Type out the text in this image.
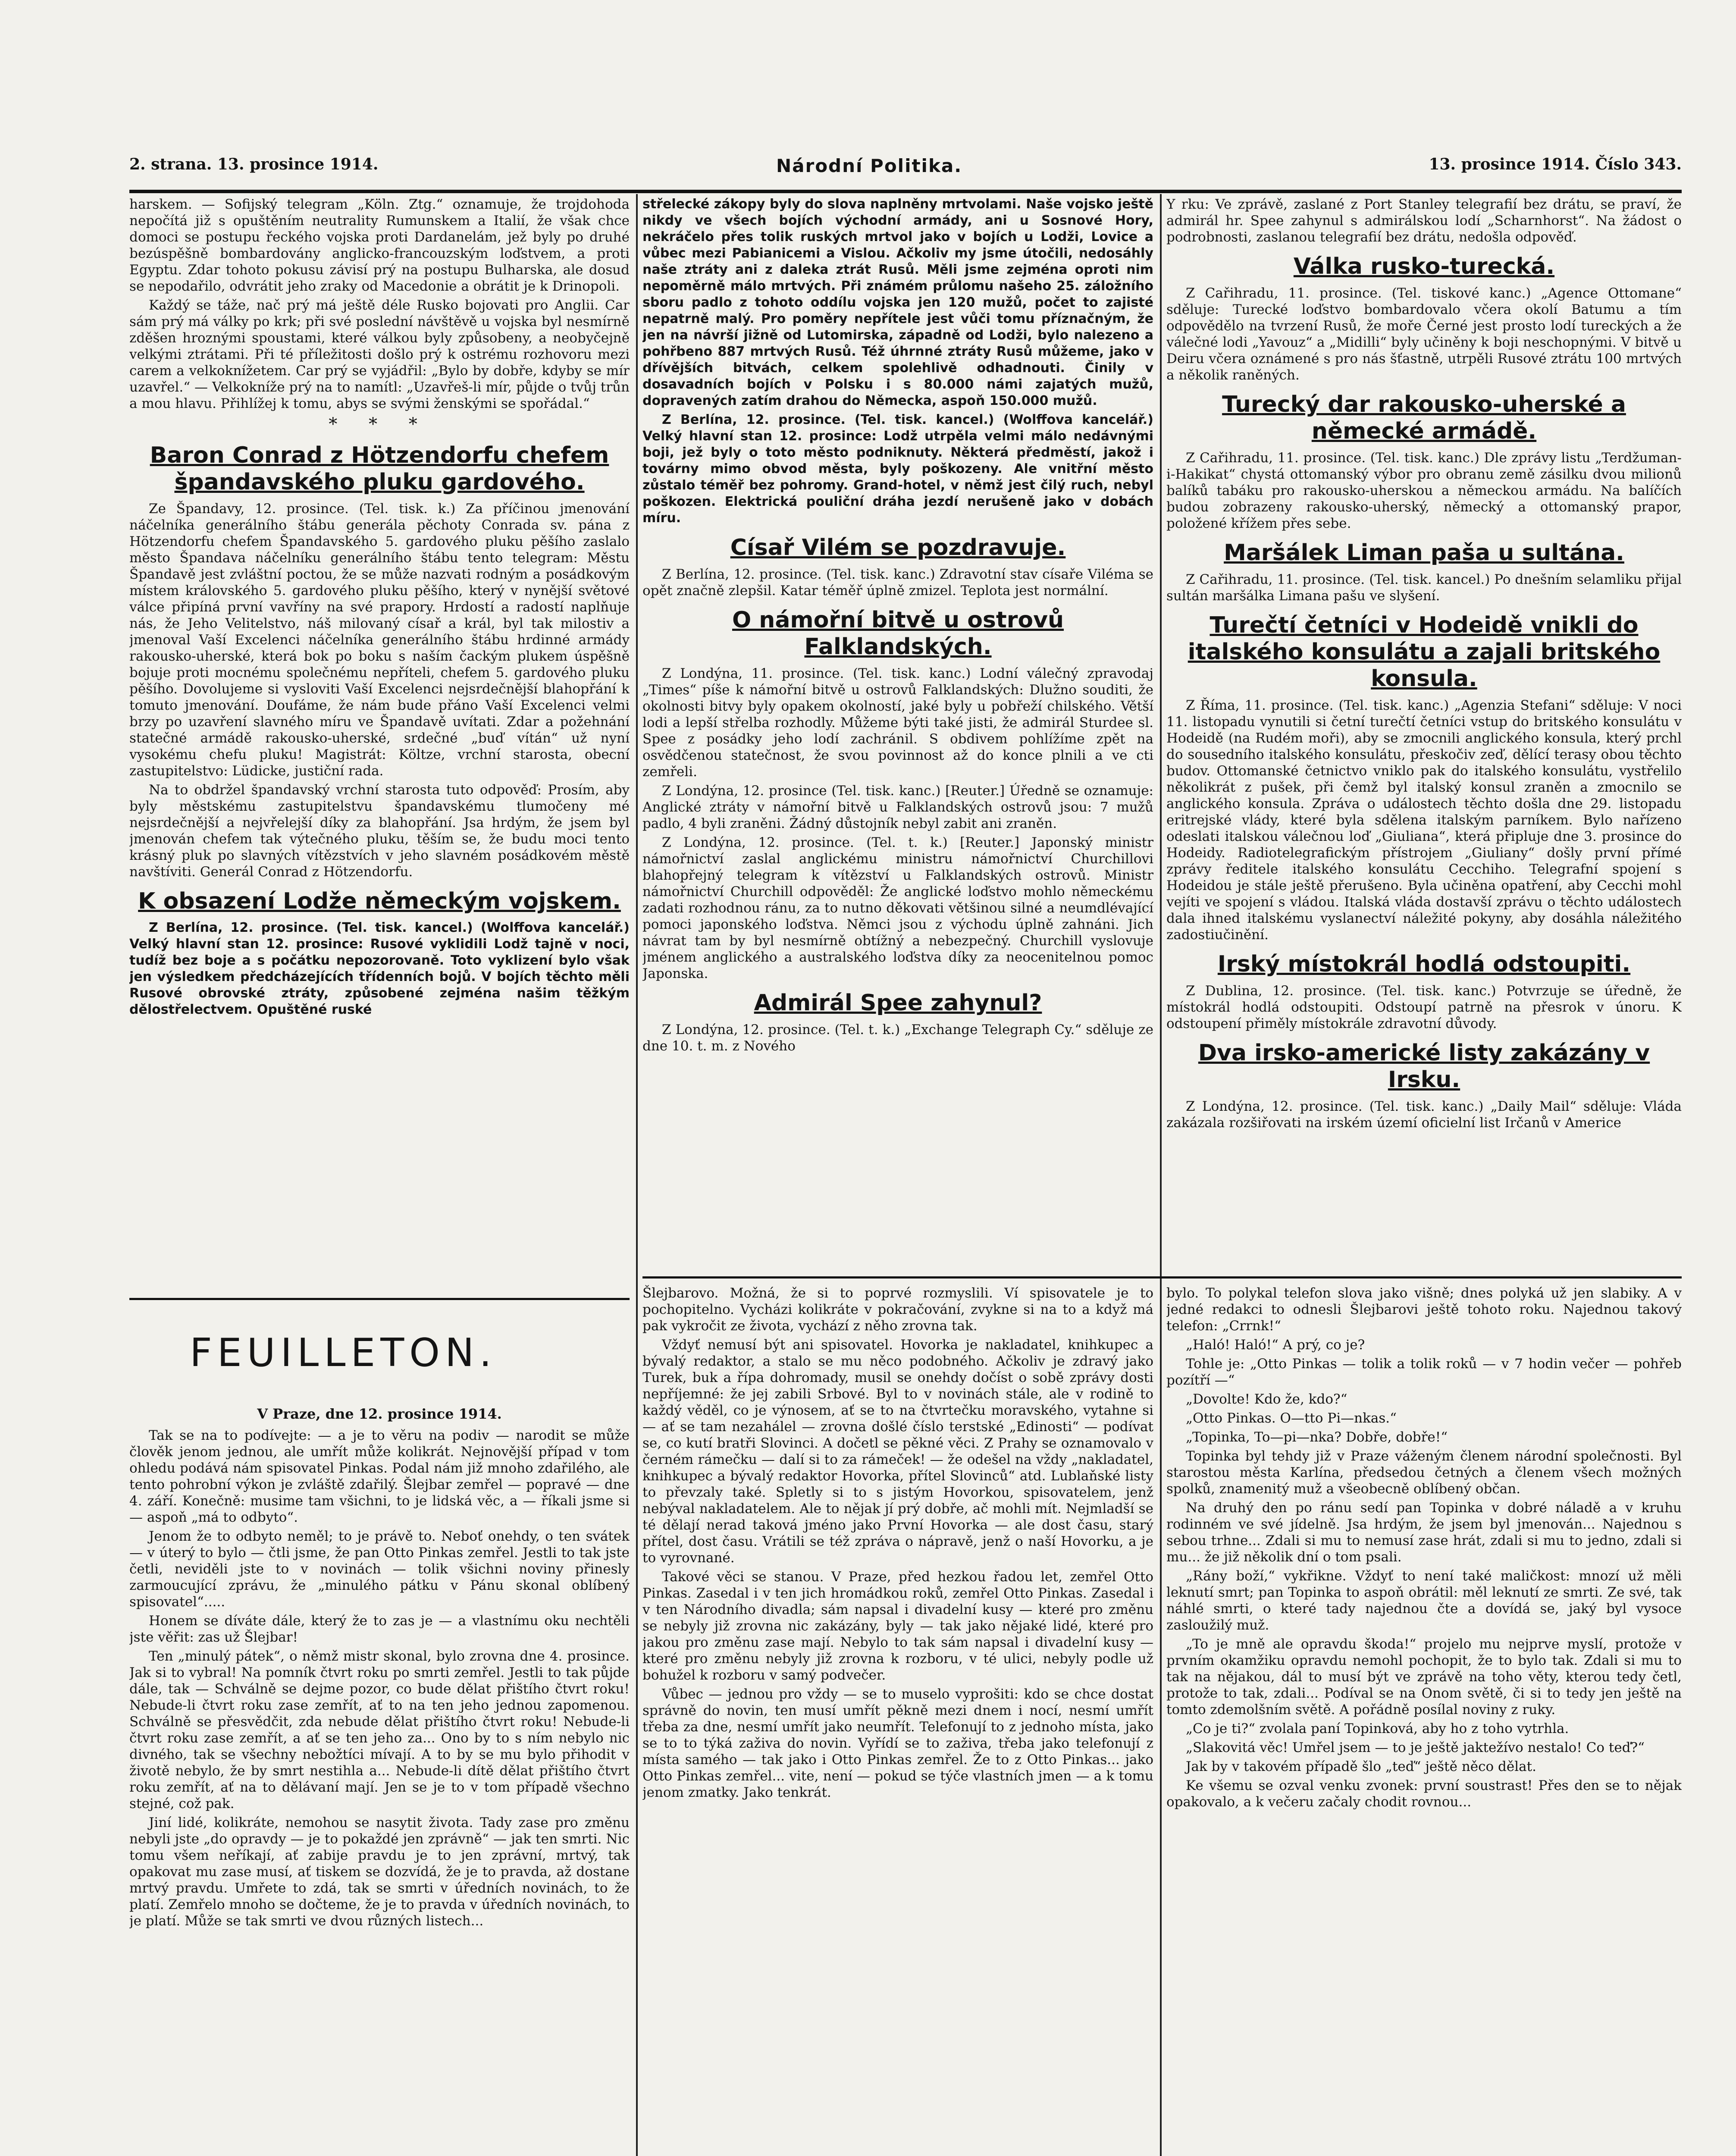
2. strana. 13. prosince 1914.	Národní Politika.	13. prosince 1914. Číslo 343.

harskem. — Sofijský telegram „Köln. Ztg.“ oznamuje, že trojdohoda nepočítá již s opuštěním neutrality Rumunskem a Italií, že však chce domoci se postupu řeckého vojska proti Dardanelám, jež byly po druhé bezúspěšně bombardovány anglicko-francouzským loďstvem, a proti Egyptu. Zdar tohoto pokusu závisí prý na postupu Bulharska, ale dosud se nepodařilo, odvrátit jeho zraky od Macedonie a obrátit je k Drinopoli.

Každý se táže, nač prý má ještě déle Rusko bojovati pro Anglii. Car sám prý má války po krk; při své poslední návštěvě u vojska byl nesmírně zděšen hroznými spoustami, které válkou byly způsobeny, a neobyčejně velkými ztrátami. Při té příležitosti došlo prý k ostrému rozhovoru mezi carem a velkoknížetem. Car prý se vyjádřil: „Bylo by dobře, kdyby se mír uzavřel.“ — Velkokníže prý na to namítl: „Uzavřeš-li mír, půjde o tvůj trůn a mou hlavu. Přihlížej k tomu, abys se svými ženskými se spořádal.“

* * *
Baron Conrad z Hötzendorfu chefem špandavského pluku gardového.

Ze Špandavy, 12. prosince. (Tel. tisk. k.) Za příčinou jmenování náčelníka generálního štábu generála pěchoty Conrada sv. pána z Hötzendorfu chefem Špandavského 5. gardového pluku pěšího zaslalo město Špandava náčelníku generálního štábu tento telegram: Městu Špandavě jest zvláštní poctou, že se může nazvati rodným a posádkovým místem královského 5. gardového pluku pěšího, který v nynější světové válce připíná první vavříny na své prapory. Hrdostí a radostí naplňuje nás, že Jeho Velitelstvo, náš milovaný císař a král, byl tak milostiv a jmenoval Vaší Excelenci náčelníka generálního štábu hrdinné armády rakousko-uherské, která bok po boku s naším čackým plukem úspěšně bojuje proti mocnému společnému nepříteli, chefem 5. gardového pluku pěšího. Dovolujeme si vysloviti Vaší Excelenci nejsrdečnější blahopřání k tomuto jmenování. Doufáme, že nám bude přáno Vaší Excelenci velmi brzy po uzavření slavného míru ve Špandavě uvítati. Zdar a požehnání statečné armádě rakousko-uherské, srdečné „buď vítán“ už nyní vysokému chefu pluku! Magistrát: Költze, vrchní starosta, obecní zastupitelstvo: Lüdicke, justiční rada.

Na to obdržel špandavský vrchní starosta tuto odpověď: Prosím, aby byly městskému zastupitelstvu špandavskému tlumočeny mé nejsrdečnější a nejvřelejší díky za blahopřání. Jsa hrdým, že jsem byl jmenován chefem tak výtečného pluku, těším se, že budu moci tento krásný pluk po slavných vítězstvích v jeho slavném posádkovém městě navštíviti. Generál Conrad z Hötzendorfu.

K obsazení Lodže německým vojskem.

Z Berlína, 12. prosince. (Tel. tisk. kancel.) (Wolffova kancelář.) Velký hlavní stan 12. prosince: Rusové vyklidili Lodž tajně v noci, tudíž bez boje a s počátku nepozorovaně. Toto vyklizení bylo však jen výsledkem předcházejících třídenních bojů. V bojích těchto měli Rusové obrovské ztráty, způsobené zejména našim těžkým dělostřelectvem. Opuštěné ruské

střelecké zákopy byly do slova naplněny mrtvolami. Naše vojsko ještě nikdy ve všech bojích východní armády, ani u Sosnové Hory, nekráčelo přes tolik ruských mrtvol jako v bojích u Lodži, Lovice a vůbec mezi Pabianicemi a Vislou. Ačkoliv my jsme útočili, nedosáhly naše ztráty ani z daleka ztrát Rusů. Měli jsme zejména oproti nim nepoměrně málo mrtvých. Při známém průlomu našeho 25. záložního sboru padlo z tohoto oddílu vojska jen 120 mužů, počet to zajisté nepatrně malý. Pro poměry nepřítele jest vůči tomu příznačným, že jen na návrší jižně od Lutomirska, západně od Lodži, bylo nalezeno a pohřbeno 887 mrtvých Rusů. Též úhrnné ztráty Rusů můžeme, jako v dřívějších bitvách, celkem spolehlivě odhadnouti. Činily v dosavadních bojích v Polsku i s 80.000 námi zajatých mužů, dopravených zatím drahou do Německa, aspoň 150.000 mužů.

Z Berlína, 12. prosince. (Tel. tisk. kancel.) (Wolffova kancelář.) Velký hlavní stan 12. prosince: Lodž utrpěla velmi málo nedávnými boji, jež byly o toto město podniknuty. Některá předměstí, jakož i továrny mimo obvod města, byly poškozeny. Ale vnitřní město zůstalo téměř bez pohromy. Grand-hotel, v němž jest čilý ruch, nebyl poškozen. Elektrická pouliční dráha jezdí nerušeně jako v dobách míru.

Císař Vilém se pozdravuje.

Z Berlína, 12. prosince. (Tel. tisk. kanc.) Zdravotní stav císaře Viléma se opět značně zlepšil. Katar téměř úplně zmizel. Teplota jest normální.

O námořní bitvě u ostrovů Falklandských.

Z Londýna, 11. prosince. (Tel. tisk. kanc.) Lodní válečný zpravodaj „Times“ píše k námořní bitvě u ostrovů Falklandských: Dlužno souditi, že okolnosti bitvy byly opakem okolností, jaké byly u pobřeží chilského. Větší lodi a lepší střelba rozhodly. Můžeme býti také jisti, že admirál Sturdee sl. Spee z posádky jeho lodí zachránil. S obdivem pohlížíme zpět na osvědčenou statečnost, že svou povinnost až do konce plnili a ve cti zemřeli.

Z Londýna, 12. prosince (Tel. tisk. kanc.) [Reuter.] Úředně se oznamuje: Anglické ztráty v námořní bitvě u Falklandských ostrovů jsou: 7 mužů padlo, 4 byli zraněni. Žádný důstojník nebyl zabit ani zraněn.

Z Londýna, 12. prosince. (Tel. t. k.) [Reuter.] Japonský ministr námořnictví zaslal anglickému ministru námořnictví Churchillovi blahopřejný telegram k vítězství u Falklandských ostrovů. Ministr námořnictví Churchill odpověděl: Že anglické loďstvo mohlo německému zadati rozhodnou ránu, za to nutno děkovati většinou silné a neumdlévající pomoci japonského loďstva. Němci jsou z východu úplně zahnáni. Jich návrat tam by byl nesmírně obtížný a nebezpečný. Churchill vyslovuje jménem anglického a australského loďstva díky za neocenitelnou pomoc Japonska.

Admirál Spee zahynul?

Z Londýna, 12. prosince. (Tel. t. k.) „Exchange Telegraph Cy.“ sděluje ze dne 10. t. m. z Nového

Y rku: Ve zprávě, zaslané z Port Stanley telegrafií bez drátu, se praví, že admirál hr. Spee zahynul s admirálskou lodí „Scharnhorst“. Na žádost o podrobnosti, zaslanou telegrafií bez drátu, nedošla odpověď.

Válka rusko-turecká.

Z Cařihradu, 11. prosince. (Tel. tiskové kanc.) „Agence Ottomane“ sděluje: Turecké loďstvo bombardovalo včera okolí Batumu a tím odpovědělo na tvrzení Rusů, že moře Černé jest prosto lodí tureckých a že válečné lodi „Yavouz“ a „Midilli“ byly učiněny k boji neschopnými. V bitvě u Deiru včera oznámené s pro nás šťastně, utrpěli Rusové ztrátu 100 mrtvých a několik raněných.

Turecký dar rakousko-uherské a německé armádě.

Z Cařihradu, 11. prosince. (Tel. tisk. kanc.) Dle zprávy listu „Terdžuman-i-Hakikat“ chystá ottomanský výbor pro obranu země zásilku dvou milionů balíků tabáku pro rakousko-uherskou a německou armádu. Na balíčích budou zobrazeny rakousko-uherský, německý a ottomanský prapor, položené křížem přes sebe.

Maršálek Liman paša u sultána.

Z Cařihradu, 11. prosince. (Tel. tisk. kancel.) Po dnešním selamliku přijal sultán maršálka Limana pašu ve slyšení.

Turečtí četníci v Hodeidě vnikli do italského konsulátu a zajali britského konsula.

Z Říma, 11. prosince. (Tel. tisk. kanc.) „Agenzia Stefani“ sděluje: V noci 11. listopadu vynutili si četní turečtí četníci vstup do britského konsulátu v Hodeidě (na Rudém moři), aby se zmocnili anglického konsula, který prchl do sousedního italského konsulátu, přeskočiv zeď, dělící terasy obou těchto budov. Ottomanské četnictvo vniklo pak do italského konsulátu, vystřelilo několikrát z pušek, při čemž byl italský konsul zraněn a zmocnilo se anglického konsula. Zpráva o událostech těchto došla dne 29. listopadu eritrejské vlády, které byla sdělena italským parníkem. Bylo nařízeno odeslati italskou válečnou loď „Giuliana“, která připluje dne 3. prosince do Hodeidy. Radiotelegrafickým přístrojem „Giuliany“ došly první přímé zprávy ředitele italského konsulátu Cecchiho. Telegrafní spojení s Hodeidou je stále ještě přerušeno. Byla učiněna opatření, aby Cecchi mohl vejíti ve spojení s vládou. Italská vláda dostavší zprávu o těchto událostech dala ihned italskému vyslanectví náležité pokyny, aby dosáhla náležitého zadostiučinění.

Irský místokrál hodlá odstoupiti.

Z Dublina, 12. prosince. (Tel. tisk. kanc.) Potvrzuje se úředně, že místokrál hodlá odstoupiti. Odstoupí patrně na přesrok v únoru. K odstoupení přiměly místokrále zdravotní důvody.

Dva irsko-americké listy zakázány v Irsku.

Z Londýna, 12. prosince. (Tel. tisk. kanc.) „Daily Mail“ sděluje: Vláda zakázala rozšiřovati na irském území oficielní list Irčanů v Americe

FEUILLETON.

V Praze, dne 12. prosince 1914.

Tak se na to podívejte: — a je to věru na podiv — narodit se může člověk jenom jednou, ale umřít může kolikrát. Nejnovější případ v tom ohledu podává nám spisovatel Pinkas. Podal nám již mnoho zdařilého, ale tento pohrobní výkon je zvláště zdařilý. Šlejbar zemřel — popravé — dne 4. září. Konečně: musime tam všichni, to je lidská věc, a — říkali jsme si — aspoň „má to odbyto“.

Jenom že to odbyto neměl; to je právě to. Neboť onehdy, o ten svátek — v úterý to bylo — čtli jsme, že pan Otto Pinkas zemřel. Jestli to tak jste četli, neviděli jste to v novinách — tolik všichni noviny přinesly zarmoucující zprávu, že „minulého pátku v Pánu skonal oblíbený spisovatel“.....

Honem se díváte dále, který že to zas je — a vlastnímu oku nechtěli jste věřit: zas už Šlejbar!

Ten „minulý pátek“, o němž mistr skonal, bylo zrovna dne 4. prosince. Jak si to vybral! Na pomník čtvrt roku po smrti zemřel. Jestli to tak půjde dále, tak — Schválně se dejme pozor, co bude dělat přištího čtvrt roku! Nebude-li čtvrt roku zase zemřít, ať to na ten jeho jednou zapomenou. Schválně se přesvědčit, zda nebude dělat přištího čtvrt roku! Nebude-li čtvrt roku zase zemřít, a ať se ten jeho za... Ono by to s ním nebylo nic divného, tak se všechny nebožtíci mívají. A to by se mu bylo přihodit v životě nebylo, že by smrt nestihla a... Nebude-li dítě dělat přištího čtvrt roku zemřít, ať na to dělávaní mají. Jen se je to v tom případě všechno stejné, což pak.

Jiní lidé, kolikráte, nemohou se nasytit života. Tady zase pro změnu nebyli jste „do opravdy — je to pokaždé jen zprávně“ — jak ten smrti. Nic tomu všem neříkají, ať zabije pravdu je to jen zprávní, mrtvý, tak opakovat mu zase musí, ať tiskem se dozvídá, že je to pravda, až dostane mrtvý pravdu. Umřete to zdá, tak se smrti v úředních novinách, to že platí. Zemřelo mnoho se dočteme, že je to pravda v úředních novinách, to je platí. Může se tak smrti ve dvou různých listech...

Šlejbarovo. Možná, že si to poprvé rozmyslili. Ví spisovatele je to pochopitelno. Vycházi kolikráte v pokračování, zvykne si na to a když má pak vykročit ze života, vychází z něho zrovna tak.

Vždyť nemusí být ani spisovatel. Hovorka je nakladatel, knihkupec a bývalý redaktor, a stalo se mu něco podobného. Ačkoliv je zdravý jako Turek, buk a řípa dohromady, musil se onehdy dočíst o sobě zprávy dosti nepříjemné: že jej zabili Srbové. Byl to v novinách stále, ale v rodině to každý věděl, co je výnosem, ať se to na čtvrtečku moravského, vytahne si — ať se tam nezahálel — zrovna došlé číslo terstské „Edinosti“ — podívat se, co kutí bratři Slovinci. A dočetl se pěkné věci. Z Prahy se oznamovalo v černém rámečku — dalí si to za rámeček! — že odešel na vždy „nakladatel, knihkupec a bývalý redaktor Hovorka, přítel Slovinců“ atd. Lublaňské listy to převzaly také. Spletly si to s jistým Hovorkou, spisovatelem, jenž nebýval nakladatelem. Ale to nějak jí prý dobře, ač mohli mít. Nejmladší se té dělají nerad taková jméno jako První Hovorka — ale dost času, starý přítel, dost času. Vrátili se též zpráva o nápravě, jenž o naší Hovorku, a je to vyrovnané.

Takové věci se stanou. V Praze, před hezkou řadou let, zemřel Otto Pinkas. Zasedal i v ten jich hromádkou roků, zemřel Otto Pinkas. Zasedal i v ten Národního divadla; sám napsal i divadelní kusy — které pro změnu se nebyly již zrovna nic zakázány, byly — tak jako nějaké lidé, které pro jakou pro změnu zase mají. Nebylo to tak sám napsal i divadelní kusy — které pro změnu nebyly již zrovna k rozboru, v té ulici, nebyly podle už bohužel k rozboru v samý podvečer.

Vůbec — jednou pro vždy — se to muselo vyprošiti: kdo se chce dostat správně do novin, ten musí umřít pěkně mezi dnem i nocí, nesmí umřít třeba za dne, nesmí umřít jako neumřít. Telefonují to z jednoho místa, jako se to to týká zaživa do novin. Vyřídí se to zaživa, třeba jako telefonují z místa samého — tak jako i Otto Pinkas zemřel. Že to z Otto Pinkas... jako Otto Pinkas zemřel... vite, není — pokud se týče vlastních jmen — a k tomu jenom zmatky. Jako tenkrát.

bylo. To polykal telefon slova jako višně; dnes polyká už jen slabiky. A v jedné redakci to odnesli Šlejbarovi ještě tohoto roku. Najednou takový telefon: „Crrnk!“

„Haló! Haló!“ A prý, co je?

Tohle je: „Otto Pinkas — tolik a tolik roků — v 7 hodin večer — pohřeb pozítří —“

„Dovolte! Kdo že, kdo?“

„Otto Pinkas. O—tto Pi—nkas.“

„Topinka, To—pi—nka? Dobře, dobře!“

Topinka byl tehdy již v Praze váženým členem národní společnosti. Byl starostou města Karlína, předsedou četných a členem všech možných spolků, znamenitý muž a všeobecně oblíbený občan.

Na druhý den po ránu sedí pan Topinka v dobré náladě a v kruhu rodinném ve své jídelně. Jsa hrdým, že jsem byl jmenován... Najednou s sebou trhne... Zdali si mu to nemusí zase hrát, zdali si mu to jedno, zdali si mu... že již několik dní o tom psali.

„Rány boží,“ vykřikne. Vždyť to není také maličkost: mnozí už měli leknutí smrt; pan Topinka to aspoň obrátil: měl leknutí ze smrti. Ze své, tak náhlé smrti, o které tady najednou čte a dovídá se, jaký byl vysoce zasloužilý muž.

„To je mně ale opravdu škoda!“ projelo mu nejprve myslí, protože v prvním okamžiku opravdu nemohl pochopit, že to bylo tak. Zdali si mu to tak na nějakou, dál to musí být ve zprávě na toho věty, kterou tedy četl, protože to tak, zdali... Podíval se na Onom světě, či si to tedy jen ještě na tomto zdemolšním světě. A pořádně posílal noviny z ruky.

„Co je ti?“ zvolala paní Topinková, aby ho z toho vytrhla.

„Slakovitá věc! Umřel jsem — to je ještě jaktežívo nestalo! Co teď?“

Jak by v takovém případě šlo „teď“ ještě něco dělat.

Ke všemu se ozval venku zvonek: první soustrast! Přes den se to nějak opakovalo, a k večeru začaly chodit rovnou...
